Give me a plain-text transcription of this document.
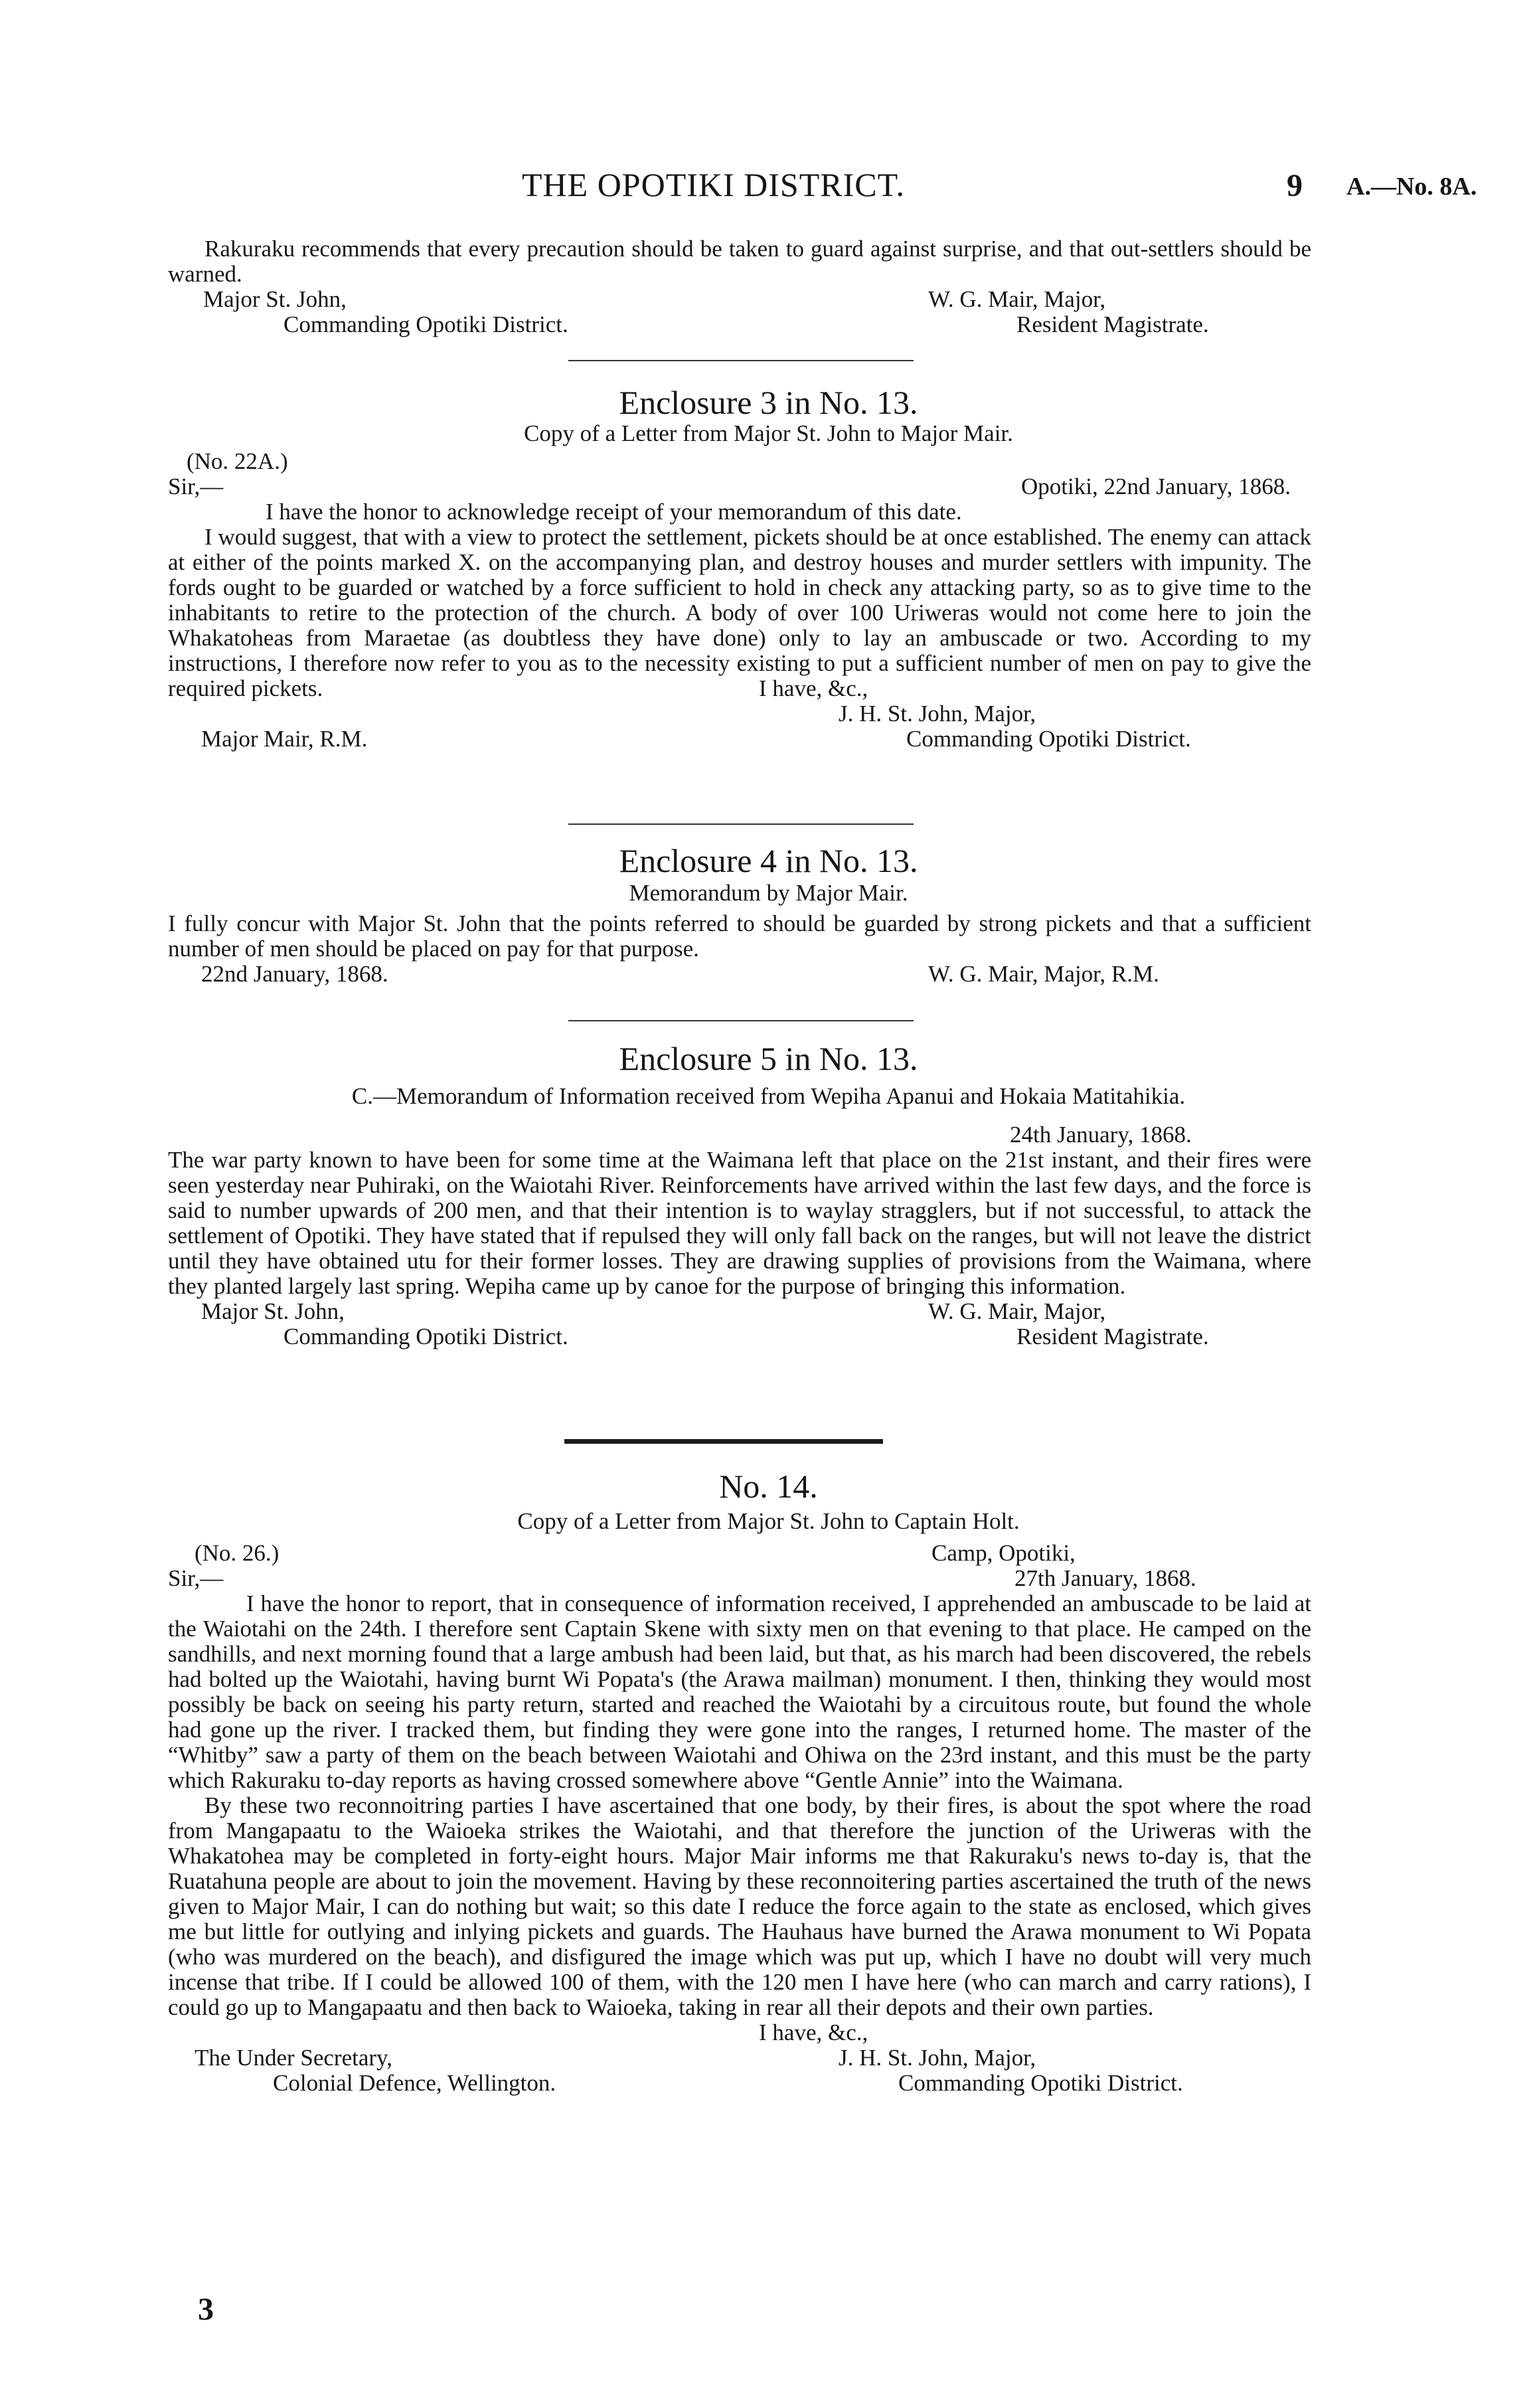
THE OPOTIKI DISTRICT.	9 A.—No. 8A.

Rakuraku recommends that every precaution should be taken to guard against surprise, and that out-settlers should be warned.

Major St. John,	W. G. Mair, Major,
Commanding Opotiki District.	Resident Magistrate.
Enclosure 3 in No. 13.
Copy of a Letter from Major St. John to Major Mair.
(No. 22A.)
Sir,—	Opotiki, 22nd January, 1868.

I have the honor to acknowledge receipt of your memorandum of this date.

I would suggest, that with a view to protect the settlement, pickets should be at once established. The enemy can attack at either of the points marked X. on the accompanying plan, and destroy houses and murder settlers with impunity. The fords ought to be guarded or watched by a force sufficient to hold in check any attacking party, so as to give time to the inhabitants to retire to the protection of the church. A body of over 100 Uriweras would not come here to join the Whakatoheas from Maraetae (as doubtless they have done) only to lay an ambuscade or two. According to my instructions, I therefore now refer to you as to the necessity existing to put a sufficient number of men on pay to give the required pickets.	I have, &c.,
J. H. St. John, Major,
Major Mair, R.M.	Commanding Opotiki District.
Enclosure 4 in No. 13.
Memorandum by Major Mair.

I fully concur with Major St. John that the points referred to should be guarded by strong pickets and that a sufficient number of men should be placed on pay for that purpose.

22nd January, 1868.	W. G. Mair, Major, R.M.
Enclosure 5 in No. 13.
C.—Memorandum of Information received from Wepiha Apanui and Hokaia Matitahikia.
24th January, 1868.

The war party known to have been for some time at the Waimana left that place on the 21st instant, and their fires were seen yesterday near Puhiraki, on the Waiotahi River. Reinforcements have arrived within the last few days, and the force is said to number upwards of 200 men, and that their intention is to waylay stragglers, but if not successful, to attack the settlement of Opotiki. They have stated that if repulsed they will only fall back on the ranges, but will not leave the district until they have obtained utu for their former losses. They are drawing supplies of provisions from the Waimana, where they planted largely last spring. Wepiha came up by canoe for the purpose of bringing this information.

Major St. John,	W. G. Mair, Major,
Commanding Opotiki District.	Resident Magistrate.
No. 14.
Copy of a Letter from Major St. John to Captain Holt.
(No. 26.)	Camp, Opotiki,
Sir,—	27th January, 1868.

I have the honor to report, that in consequence of information received, I apprehended an ambuscade to be laid at the Waiotahi on the 24th. I therefore sent Captain Skene with sixty men on that evening to that place. He camped on the sandhills, and next morning found that a large ambush had been laid, but that, as his march had been discovered, the rebels had bolted up the Waiotahi, having burnt Wi Popata's (the Arawa mailman) monument. I then, thinking they would most possibly be back on seeing his party return, started and reached the Waiotahi by a circuitous route, but found the whole had gone up the river. I tracked them, but finding they were gone into the ranges, I returned home. The master of the “Whitby” saw a party of them on the beach between Waiotahi and Ohiwa on the 23rd instant, and this must be the party which Rakuraku to-day reports as having crossed somewhere above “Gentle Annie” into the Waimana.

By these two reconnoitring parties I have ascertained that one body, by their fires, is about the spot where the road from Mangapaatu to the Waioeka strikes the Waiotahi, and that therefore the junction of the Uriweras with the Whakatohea may be completed in forty-eight hours. Major Mair informs me that Rakuraku's news to-day is, that the Ruatahuna people are about to join the movement. Having by these reconnoitering parties ascertained the truth of the news given to Major Mair, I can do nothing but wait; so this date I reduce the force again to the state as enclosed, which gives me but little for outlying and inlying pickets and guards. The Hauhaus have burned the Arawa monument to Wi Popata (who was murdered on the beach), and disfigured the image which was put up, which I have no doubt will very much incense that tribe. If I could be allowed 100 of them, with the 120 men I have here (who can march and carry rations), I could go up to Mangapaatu and then back to Waioeka, taking in rear all their depots and their own parties.

I have, &c.,
The Under Secretary,	J. H. St. John, Major,
Colonial Defence, Wellington.	Commanding Opotiki District.
3
